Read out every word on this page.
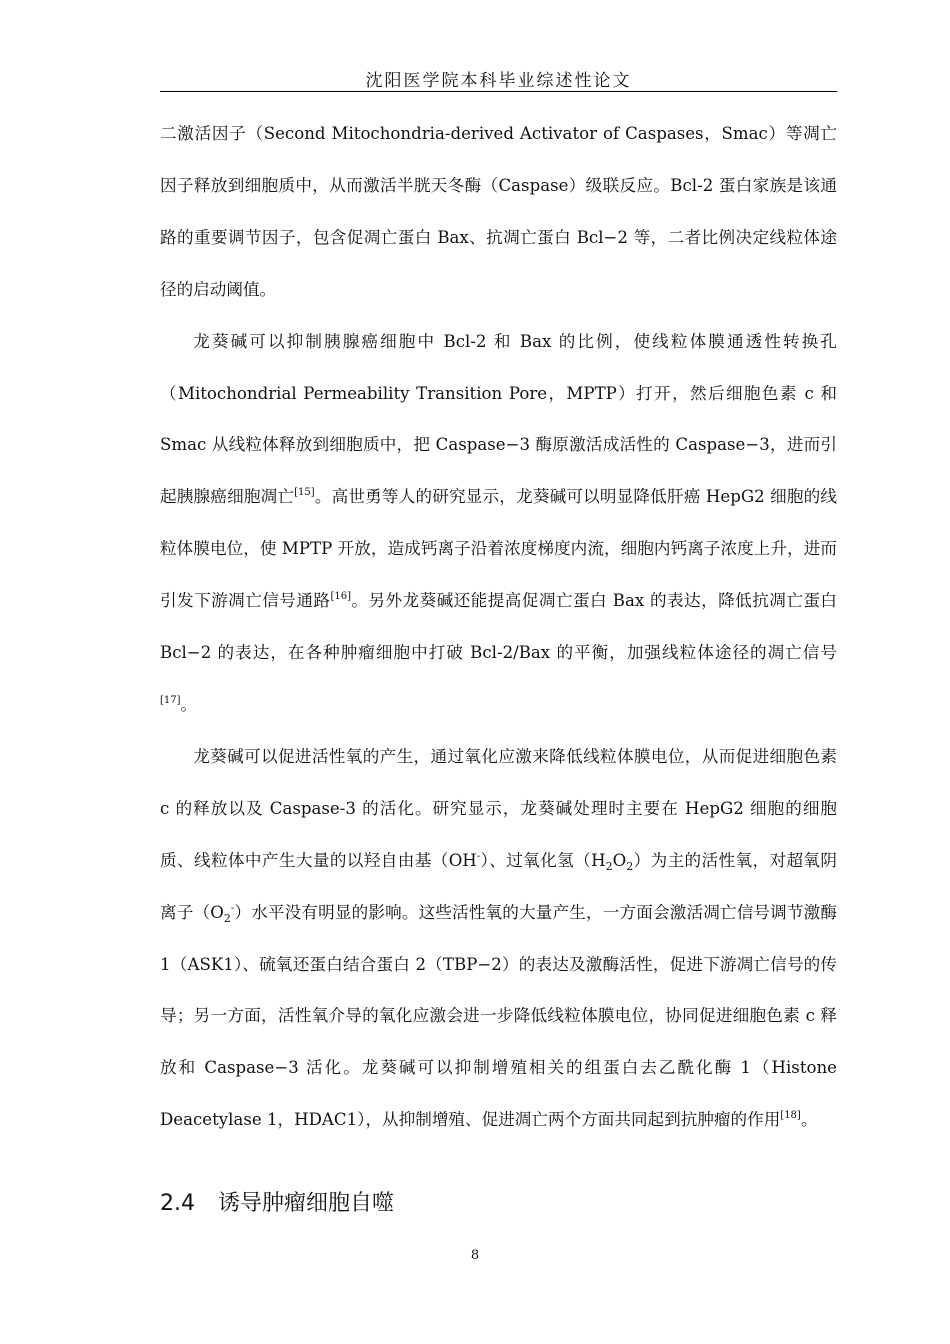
沈阳医学院本科毕业综述性论文

二激活因子（Second Mitochondria-derived Activator of Caspases，Smac）等凋亡因子释放到细胞质中，从而激活半胱天冬酶（Caspase）级联反应。Bcl-2 蛋白家族是该通路的重要调节因子，包含促凋亡蛋白 Bax、抗凋亡蛋白 Bcl−2 等，二者比例决定线粒体途径的启动阈值。

龙葵碱可以抑制胰腺癌细胞中 Bcl-2 和 Bax 的比例，使线粒体膜通透性转换孔（Mitochondrial Permeability Transition Pore，MPTP）打开，然后细胞色素 c 和 Smac 从线粒体释放到细胞质中，把 Caspase−3 酶原激活成活性的 Caspase−3，进而引起胰腺癌细胞凋亡[15]。高世勇等人的研究显示，龙葵碱可以明显降低肝癌 HepG2 细胞的线粒体膜电位，使 MPTP 开放，造成钙离子沿着浓度梯度内流，细胞内钙离子浓度上升，进而引发下游凋亡信号通路[16]。另外龙葵碱还能提高促凋亡蛋白 Bax 的表达，降低抗凋亡蛋白 Bcl−2 的表达，在各种肿瘤细胞中打破 Bcl-2/Bax 的平衡，加强线粒体途径的凋亡信号[17]。

龙葵碱可以促进活性氧的产生，通过氧化应激来降低线粒体膜电位，从而促进细胞色素 c 的释放以及 Caspase-3 的活化。研究显示，龙葵碱处理时主要在 HepG2 细胞的细胞质、线粒体中产生大量的以羟自由基（OH-）、过氧化氢$(H_2O_2)$为主的活性氧，对超氧阴离子$(O_2^-)$水平没有明显的影响。这些活性氧的大量产生，一方面会激活凋亡信号调节激酶 1（ASK1）、硫氧还蛋白结合蛋白 2（TBP−2）的表达及激酶活性，促进下游凋亡信号的传导；另一方面，活性氧介导的氧化应激会进一步降低线粒体膜电位，协同促进细胞色素 c 释放和 Caspase−3 活化。龙葵碱可以抑制增殖相关的组蛋白去乙酰化酶 1（Histone Deacetylase 1，HDAC1），从抑制增殖、促进凋亡两个方面共同起到抗肿瘤的作用[18]。

2.4 诱导肿瘤细胞自噬
8
